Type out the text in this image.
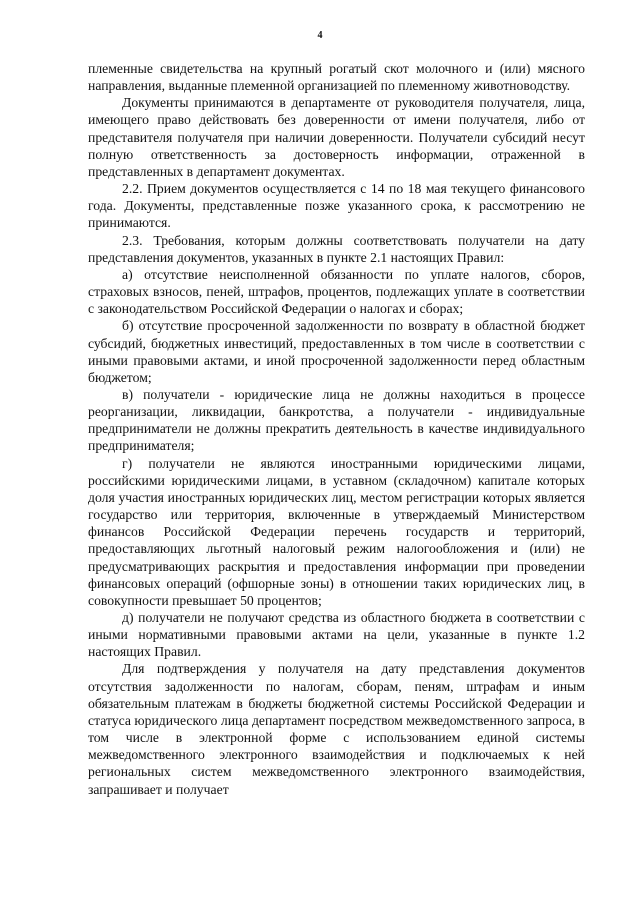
4

племенные свидетельства на крупный рогатый скот молочного и (или) мясного направления, выданные племенной организацией по племенному животноводству.

Документы принимаются в департаменте от руководителя получателя, лица, имеющего право действовать без доверенности от имени получателя, либо от представителя получателя при наличии доверенности. Получатели субсидий несут полную ответственность за достоверность информации, отраженной в представленных в департамент документах.

2.2. Прием документов осуществляется с 14 по 18 мая текущего финансового года. Документы, представленные позже указанного срока, к рассмотрению не принимаются.

2.3. Требования, которым должны соответствовать получатели на дату представления документов, указанных в пункте 2.1 настоящих Правил:

а) отсутствие неисполненной обязанности по уплате налогов, сборов, страховых взносов, пеней, штрафов, процентов, подлежащих уплате в соответствии с законодательством Российской Федерации о налогах и сборах;

б) отсутствие просроченной задолженности по возврату в областной бюджет субсидий, бюджетных инвестиций, предоставленных в том числе в соответствии с иными правовыми актами, и иной просроченной задолженности перед областным бюджетом;

в) получатели - юридические лица не должны находиться в процессе реорганизации, ликвидации, банкротства, а получатели - индивидуальные предприниматели не должны прекратить деятельность в качестве индивидуального предпринимателя;

г) получатели не являются иностранными юридическими лицами, российскими юридическими лицами, в уставном (складочном) капитале которых доля участия иностранных юридических лиц, местом регистрации которых является государство или территория, включенные в утверждаемый Министерством финансов Российской Федерации перечень государств и территорий, предоставляющих льготный налоговый режим налогообложения и (или) не предусматривающих раскрытия и предоставления информации при проведении финансовых операций (офшорные зоны) в отношении таких юридических лиц, в совокупности превышает 50 процентов;

д) получатели не получают средства из областного бюджета в соответствии с иными нормативными правовыми актами на цели, указанные в пункте 1.2 настоящих Правил.

Для подтверждения у получателя на дату представления документов отсутствия задолженности по налогам, сборам, пеням, штрафам и иным обязательным платежам в бюджеты бюджетной системы Российской Федерации и статуса юридического лица департамент посредством межведомственного запроса, в том числе в электронной форме с использованием единой системы межведомственного электронного взаимодействия и подключаемых к ней региональных систем межведомственного электронного взаимодействия, запрашивает и получает
